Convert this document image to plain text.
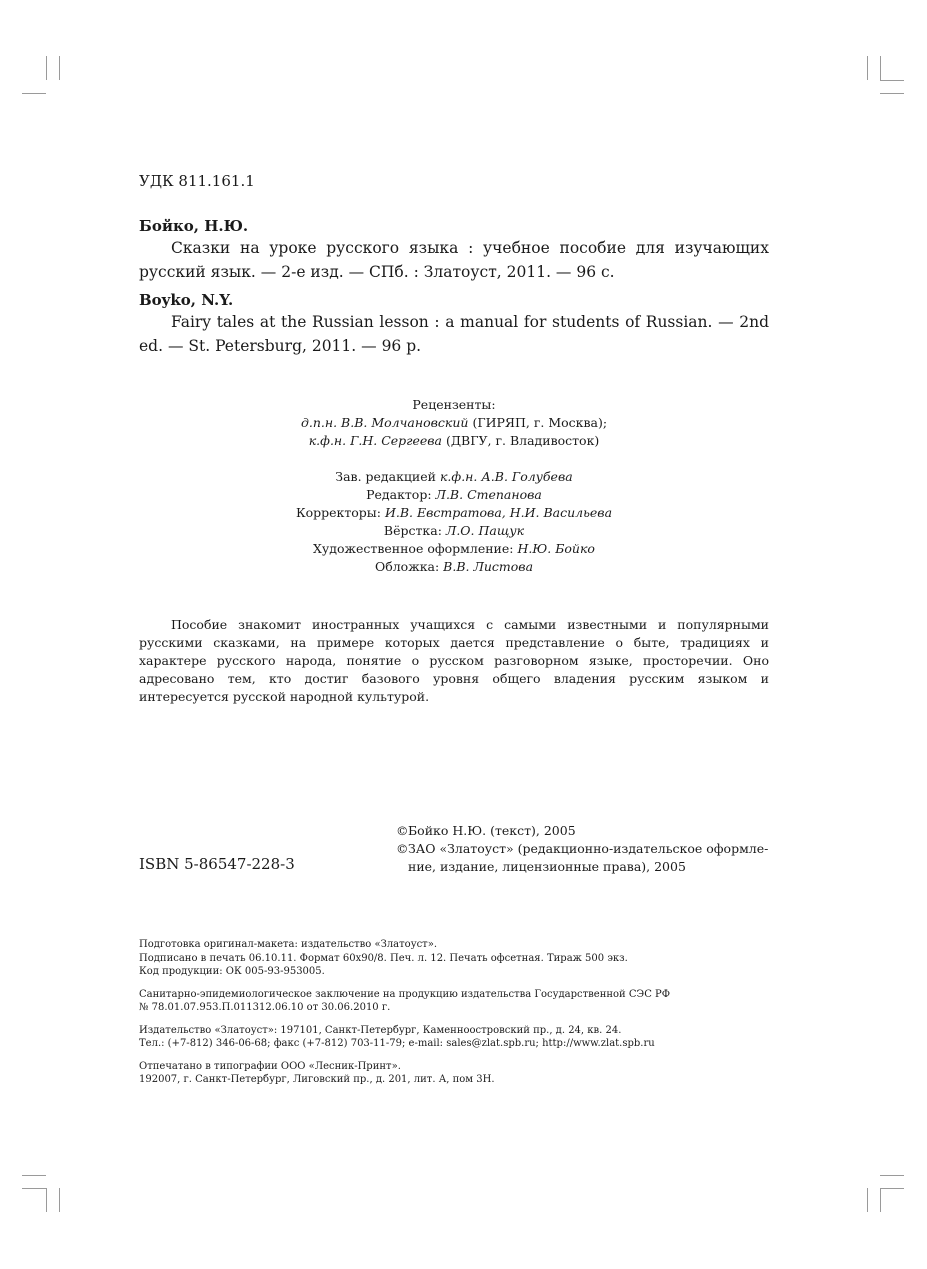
УДК 811.161.1
Бойко, Н.Ю.
Сказки на уроке русского языка : учебное пособие для изучающих русский язык. — 2-е изд. — СПб. : Златоуст, 2011. — 96 с.
Boyko, N.Y.
Fairy tales at the Russian lesson : a manual for students of Russian. — 2nd ed. — St. Petersburg, 2011. — 96 p.
Рецензенты:
д.п.н. В.В. Молчановский (ГИРЯП, г. Москва);
к.ф.н. Г.Н. Сергеева (ДВГУ, г. Владивосток)
Зав. редакцией к.ф.н. А.В. Голубева
Редактор: Л.В. Степанова
Корректоры: И.В. Евстратова, Н.И. Васильева
Вёрстка: Л.О. Пащук
Художественное оформление: Н.Ю. Бойко
Обложка: В.В. Листова
Пособие знакомит иностранных учащихся с самыми известными и популярными русскими сказками, на примере которых дается представление о быте, традициях и характере русского народа, понятие о русском разговорном языке, просторечии. Оно адресовано тем, кто достиг базового уровня общего владения русским языком и интересуется русской народной культурой.
ISBN 5-86547-228-3
© Бойко Н.Ю. (текст), 2005
© ЗАО «Златоуст» (редакционно-издательское оформле-
ние, издание, лицензионные права), 2005
Подготовка оригинал-макета: издательство «Златоуст».
Подписано в печать 06.10.11. Формат 60х90/8. Печ. л. 12. Печать офсетная. Тираж 500 экз.
Код продукции: ОК 005-93-953005.
Санитарно-эпидемиологическое заключение на продукцию издательства Государственной СЭС РФ
№ 78.01.07.953.П.011312.06.10 от 30.06.2010 г.
Издательство «Златоуст»: 197101, Санкт-Петербург, Каменноостровский пр., д. 24, кв. 24.
Тел.: (+7-812) 346-06-68; факс (+7-812) 703-11-79; e-mail: sales@zlat.spb.ru; http://www.zlat.spb.ru
Отпечатано в типографии ООО «Лесник-Принт».
192007, г. Санкт-Петербург, Лиговский пр., д. 201, лит. А, пом 3Н.
